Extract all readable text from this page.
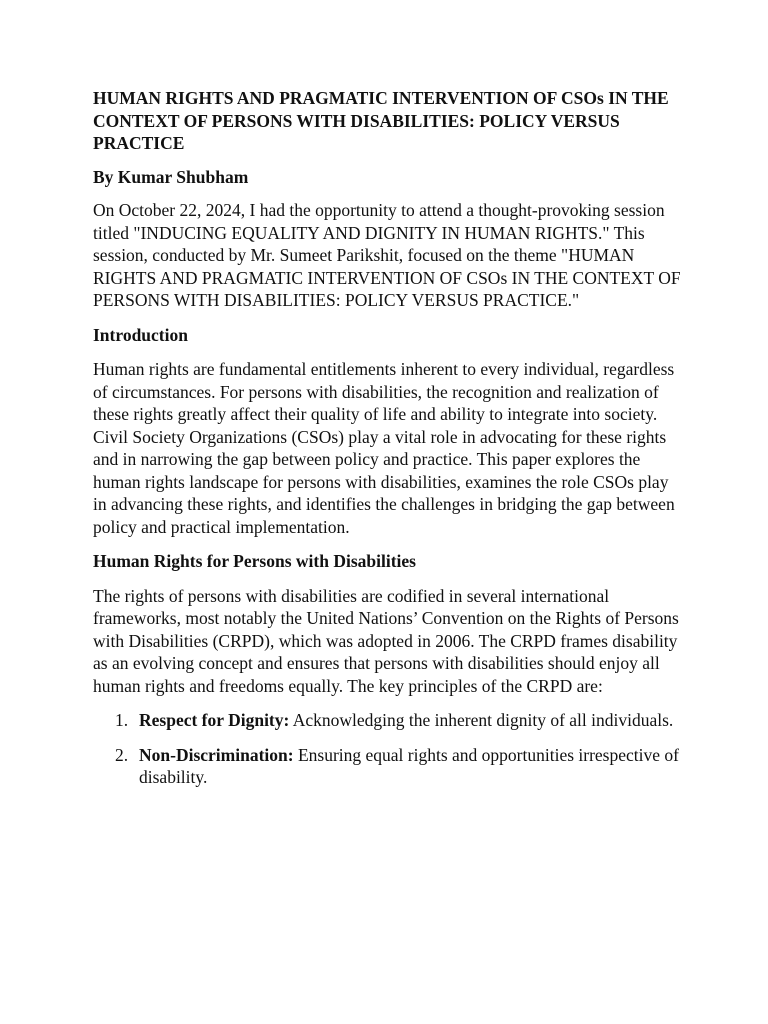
HUMAN RIGHTS AND PRAGMATIC INTERVENTION OF CSOs IN THE CONTEXT OF PERSONS WITH DISABILITIES: POLICY VERSUS PRACTICE
By Kumar Shubham
On October 22, 2024, I had the opportunity to attend a thought-provoking session titled "INDUCING EQUALITY AND DIGNITY IN HUMAN RIGHTS." This session, conducted by Mr. Sumeet Parikshit, focused on the theme "HUMAN RIGHTS AND PRAGMATIC INTERVENTION OF CSOs IN THE CONTEXT OF PERSONS WITH DISABILITIES: POLICY VERSUS PRACTICE."
Introduction
Human rights are fundamental entitlements inherent to every individual, regardless of circumstances. For persons with disabilities, the recognition and realization of these rights greatly affect their quality of life and ability to integrate into society. Civil Society Organizations (CSOs) play a vital role in advocating for these rights and in narrowing the gap between policy and practice. This paper explores the human rights landscape for persons with disabilities, examines the role CSOs play in advancing these rights, and identifies the challenges in bridging the gap between policy and practical implementation.
Human Rights for Persons with Disabilities
The rights of persons with disabilities are codified in several international frameworks, most notably the United Nations’ Convention on the Rights of Persons with Disabilities (CRPD), which was adopted in 2006. The CRPD frames disability as an evolving concept and ensures that persons with disabilities should enjoy all human rights and freedoms equally. The key principles of the CRPD are:
1. Respect for Dignity: Acknowledging the inherent dignity of all individuals.
2. Non-Discrimination: Ensuring equal rights and opportunities irrespective of disability.
